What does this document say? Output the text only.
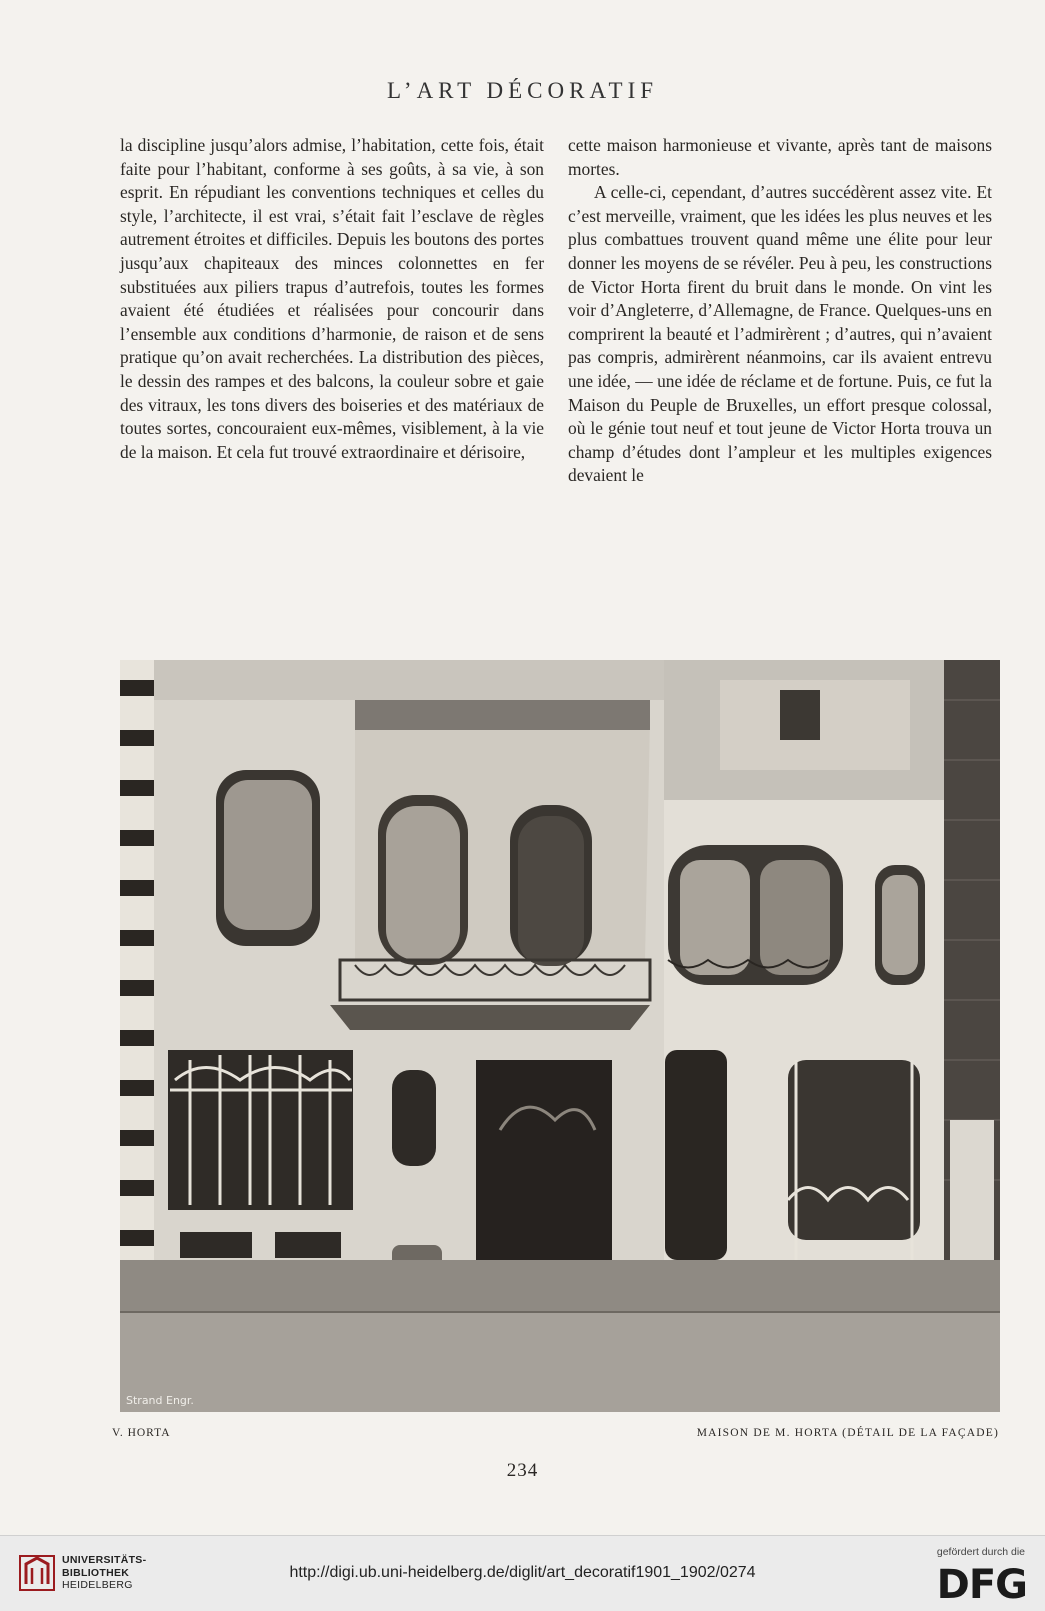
L’ART DÉCORATIF

la discipline jusqu’alors admise, l’habitation, cette fois, était faite pour l’habitant, conforme à ses goûts, à sa vie, à son esprit. En répudiant les conventions techniques et celles du style, l’architecte, il est vrai, s’était fait l’esclave de règles autrement étroites et difficiles. Depuis les boutons des portes jusqu’aux chapiteaux des minces colonnettes en fer substituées aux piliers trapus d’autrefois, toutes les formes avaient été étudiées et réalisées pour concourir dans l’ensemble aux conditions d’harmonie, de raison et de sens pratique qu’on avait recherchées. La distribution des pièces, le dessin des rampes et des balcons, la couleur sobre et gaie des vitraux, les tons divers des boiseries et des matériaux de toutes sortes, concouraient eux-mêmes, visiblement, à la vie de la maison. Et cela fut trouvé extraordinaire et dérisoire,

cette maison harmonieuse et vivante, après tant de maisons mortes.

A celle-ci, cependant, d’autres succédèrent assez vite. Et c’est merveille, vraiment, que les idées les plus neuves et les plus combattues trouvent quand même une élite pour leur donner les moyens de se révéler. Peu à peu, les constructions de Victor Horta firent du bruit dans le monde. On vint les voir d’Angleterre, d’Allemagne, de France. Quelques-uns en comprirent la beauté et l’admirèrent ; d’autres, qui n’avaient pas compris, admirèrent néanmoins, car ils avaient entrevu une idée, — une idée de réclame et de fortune. Puis, ce fut la Maison du Peuple de Bruxelles, un effort presque colossal, où le génie tout neuf et tout jeune de Victor Horta trouva un champ d’études dont l’ampleur et les multiples exigences devaient le

Strand Engr.
V. HORTA	MAISON DE M. HORTA (DÉTAIL DE LA FAÇADE)
234
UNIVERSITÄTS-
BIBLIOTHEK
HEIDELBERG
http://digi.ub.uni-heidelberg.de/diglit/art_decoratif1901_1902/0274
gefördert durch die
DFG
